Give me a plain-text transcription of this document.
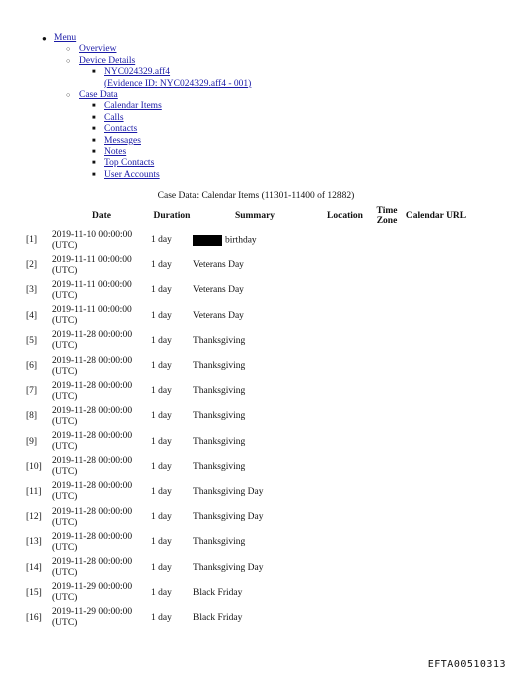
● Menu
○ Overview
○ Device Details
■ NYC024329.aff4
(Evidence ID: NYC024329.aff4 - 001)
○ Case Data
■ Calendar Items
■ Calls
■ Contacts
■ Messages
■ Notes
■ Top Contacts
■ User Accounts
Case Data: Calendar Items (11301-11400 of 12882)
	Date	Duration	Summary	Location	Time
Zone	Calendar URL
[1]	2019-11-10 00:00:00
(UTC)	1 day	birthday			
[2]	2019-11-11 00:00:00
(UTC)	1 day	Veterans Day			
[3]	2019-11-11 00:00:00
(UTC)	1 day	Veterans Day			
[4]	2019-11-11 00:00:00
(UTC)	1 day	Veterans Day			
[5]	2019-11-28 00:00:00
(UTC)	1 day	Thanksgiving			
[6]	2019-11-28 00:00:00
(UTC)	1 day	Thanksgiving			
[7]	2019-11-28 00:00:00
(UTC)	1 day	Thanksgiving			
[8]	2019-11-28 00:00:00
(UTC)	1 day	Thanksgiving			
[9]	2019-11-28 00:00:00
(UTC)	1 day	Thanksgiving			
[10]	2019-11-28 00:00:00
(UTC)	1 day	Thanksgiving			
[11]	2019-11-28 00:00:00
(UTC)	1 day	Thanksgiving Day			
[12]	2019-11-28 00:00:00
(UTC)	1 day	Thanksgiving Day			
[13]	2019-11-28 00:00:00
(UTC)	1 day	Thanksgiving			
[14]	2019-11-28 00:00:00
(UTC)	1 day	Thanksgiving Day			
[15]	2019-11-29 00:00:00
(UTC)	1 day	Black Friday			
[16]	2019-11-29 00:00:00
(UTC)	1 day	Black Friday			
EFTA00510313
